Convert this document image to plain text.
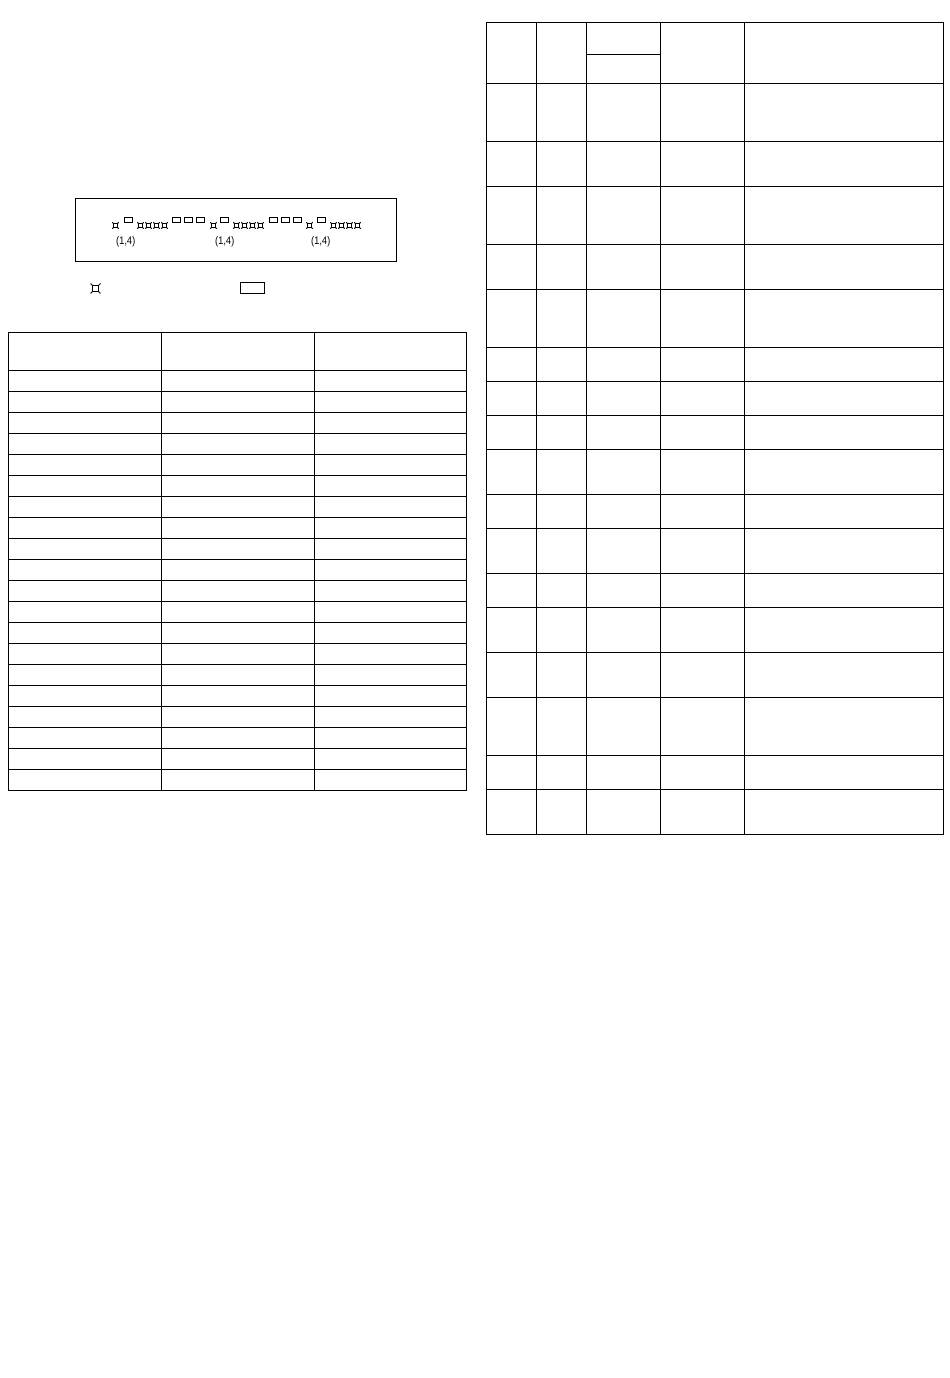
(1,4)	(1,4)	(1,4)
